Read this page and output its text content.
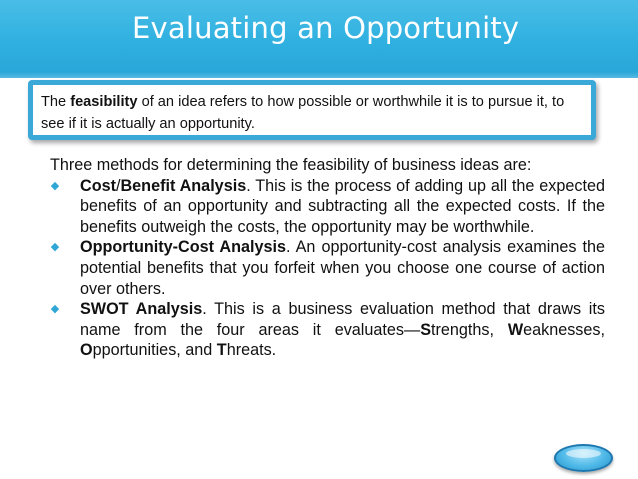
Evaluating an Opportunity
The feasibility of an idea refers to how possible or worthwhile it is to pursue it, to see if it is actually an opportunity.

Three methods for determining the feasibility of business ideas are:

◆	Cost/Benefit Analysis. This is the process of adding up all the expected benefits of an opportunity and subtracting all the expected costs. If the benefits outweigh the costs, the opportunity may be worthwhile.
◆	Opportunity-Cost Analysis. An opportunity-cost analysis examines the potential benefits that you forfeit when you choose one course of action over others.
◆	SWOT Analysis. This is a business evaluation method that draws its name from the four areas it evaluates—Strengths, Weaknesses, Opportunities, and Threats.
